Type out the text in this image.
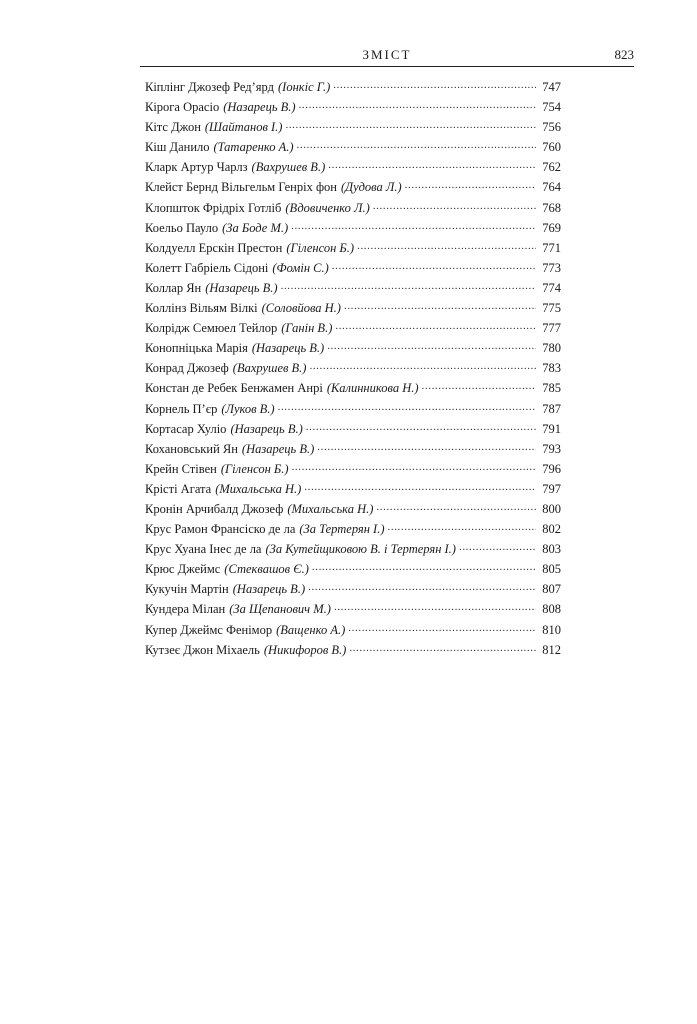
ЗМІСТ	823
Кіплінг Джозеф Ред’ярд (Іонкіс Г.) .....	747
Кірога Орасіо (Назарець В.) .....	754
Кітс Джон (Шайтанов І.) .....	756
Кіш Данило (Татаренко А.) .....	760
Кларк Артур Чарлз (Вахрушев В.) .....	762
Клейст Бернд Вільгельм Генріх фон (Дудова Л.) .....	764
Клопшток Фрідріх Готліб (Вдовиченко Л.) .....	768
Коельо Пауло (За Боде М.) .....	769
Колдуелл Ерскін Престон (Гіленсон Б.) .....	771
Колетт Габріель Сідоні (Фомін С.) .....	773
Коллар Ян (Назарець В.) .....	774
Коллінз Вільям Вілкі (Соловйова Н.) .....	775
Колрідж Семюел Тейлор (Ганін В.) .....	777
Конопніцька Марія (Назарець В.) .....	780
Конрад Джозеф (Вахрушев В.) .....	783
Констан де Ребек Бенжамен Анрі (Калинникова Н.) .....	785
Корнель П’єр (Луков В.) .....	787
Кортасар Хуліо (Назарець В.) .....	791
Кохановський Ян (Назарець В.) .....	793
Крейн Стівен (Гіленсон Б.) .....	796
Крісті Агата (Михальська Н.) .....	797
Кронін Арчибалд Джозеф (Михальська Н.) .....	800
Крус Рамон Франсіско де ла (За Тертерян І.) .....	802
Крус Хуана Інес де ла (За Кутейщиковою В. і Тертерян І.) .....	803
Крюс Джеймс (Стеквашов Є.) .....	805
Кукучін Мартін (Назарець В.) .....	807
Кундера Мілан (За Щепанович М.) .....	808
Купер Джеймс Фенімор (Ващенко А.) .....	810
Кутзеє Джон Міхаель (Никифоров В.) .....	812
